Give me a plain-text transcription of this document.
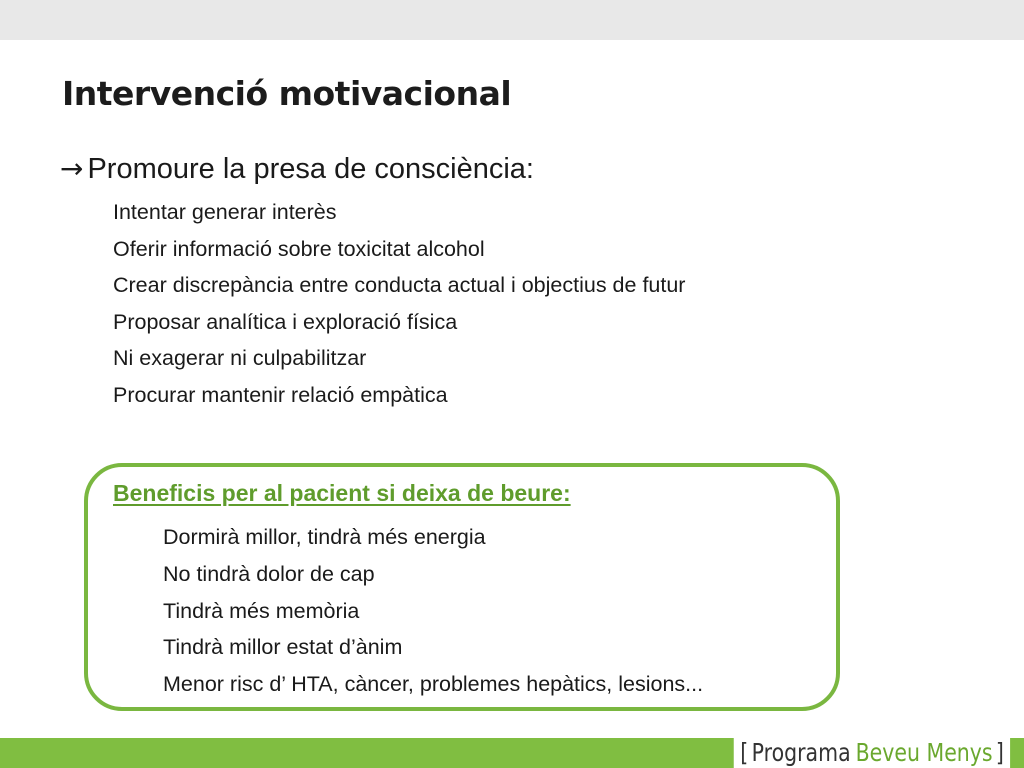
Intervenció motivacional
→ Promoure la presa de consciència:
Intentar generar interès
Oferir informació sobre toxicitat alcohol
Crear discrepància entre conducta actual i objectius de futur
Proposar analítica i exploració física
Ni exagerar ni culpabilitzar
Procurar mantenir relació empàtica
Beneficis per al pacient si deixa de beure:
Dormirà millor, tindrà més energia
No tindrà dolor de cap
Tindrà més memòria
Tindrà millor estat d’ànim
Menor risc d’ HTA, càncer, problemes hepàtics, lesions...
[ Programa Beveu Menys ]
